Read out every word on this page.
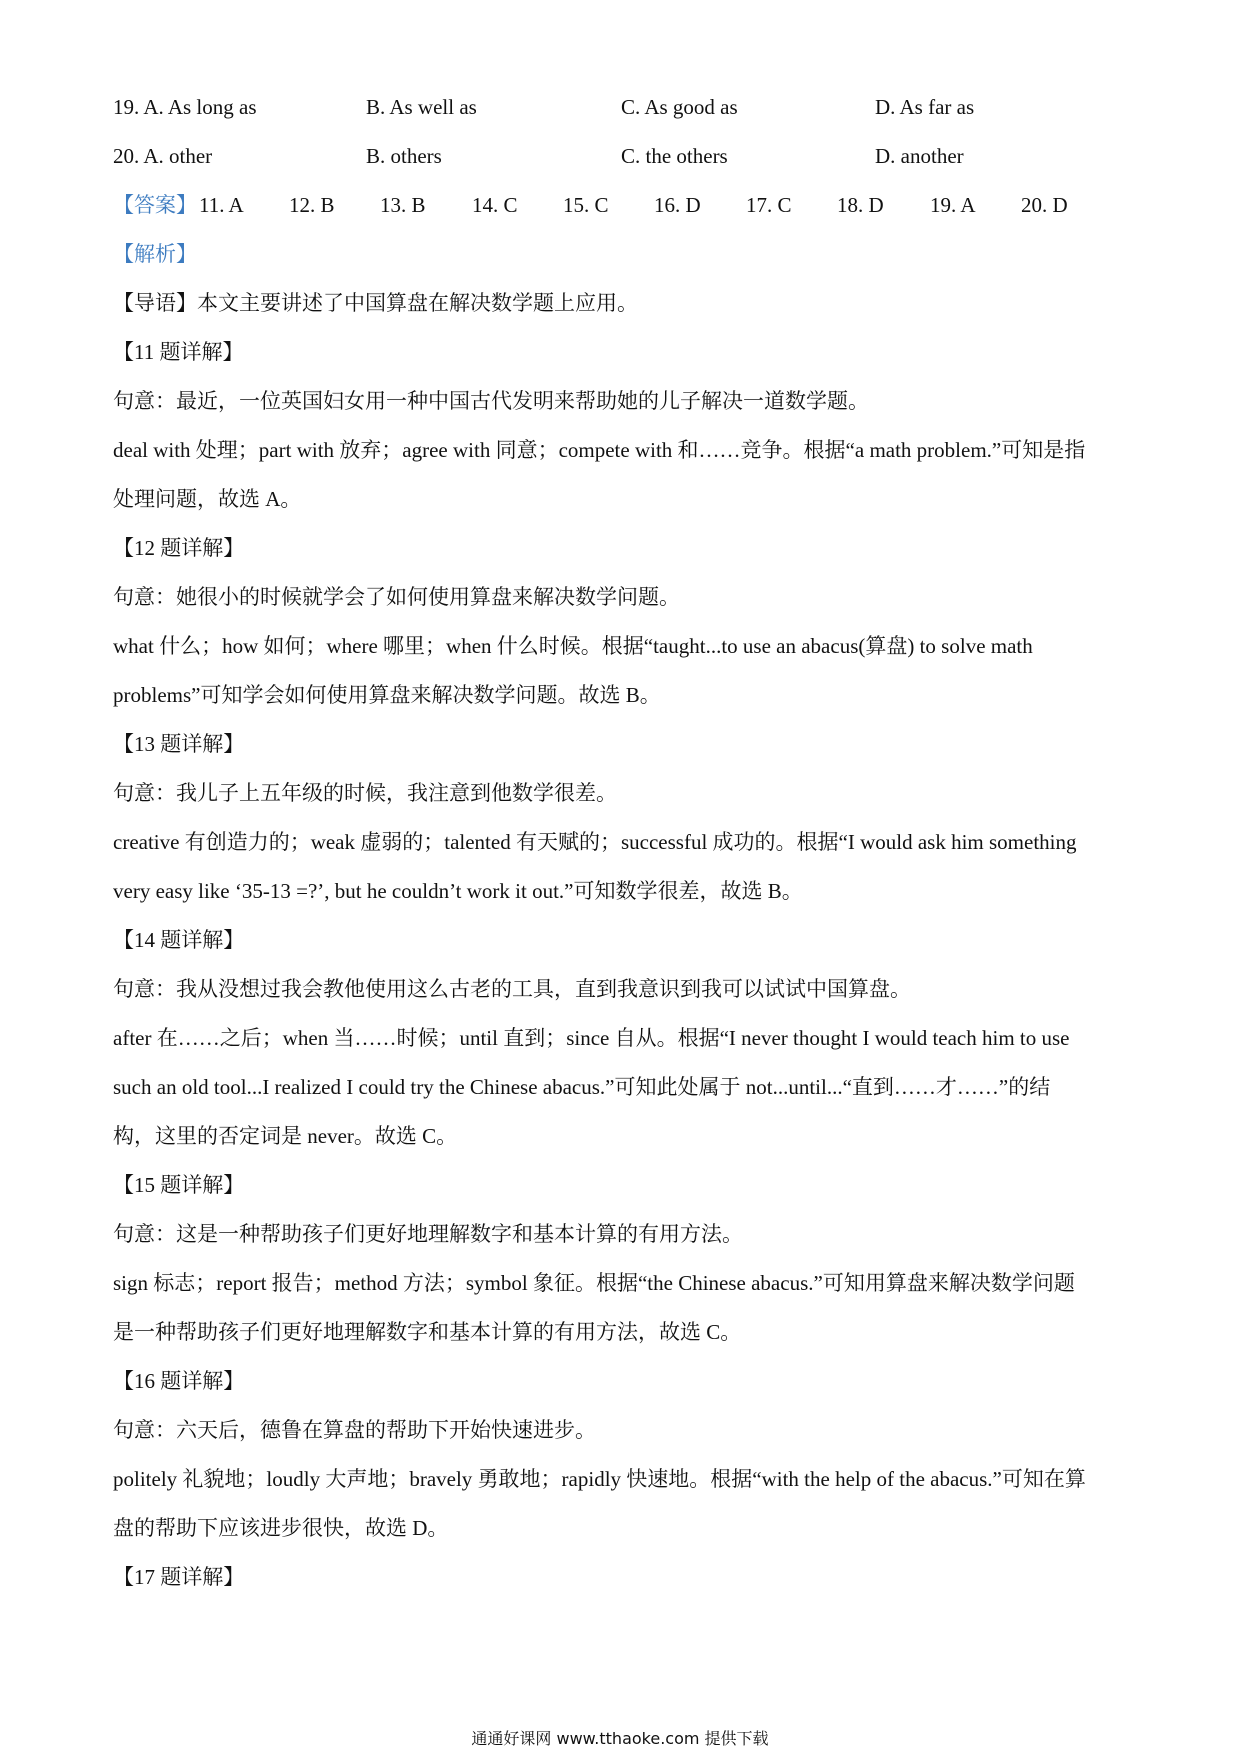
19. A. As long as	B. As well as	C. As good as	D. As far as
20. A. other	B. others	C. the others	D. another
【答案】 11. A 12. B 13. B 14. C 15. C 16. D 17. C 18. D 19. A 20. D
【解析】
【导语】本文主要讲述了中国算盘在解决数学题上应用。
【11 题详解】
句意：最近，一位英国妇女用一种中国古代发明来帮助她的儿子解决一道数学题。
deal with 处理；part with 放弃；agree with 同意；compete with 和……竞争。根据“a math problem.”可知是指
处理问题，故选 A。
【12 题详解】
句意：她很小的时候就学会了如何使用算盘来解决数学问题。
what 什么；how 如何；where 哪里；when 什么时候。根据“taught...to use an abacus(算盘) to solve math
problems”可知学会如何使用算盘来解决数学问题。故选 B。
【13 题详解】
句意：我儿子上五年级的时候，我注意到他数学很差。
creative 有创造力的；weak 虚弱的；talented 有天赋的；successful 成功的。根据“I would ask him something
very easy like ‘35-13 =?’, but he couldn’t work it out.”可知数学很差，故选 B。
【14 题详解】
句意：我从没想过我会教他使用这么古老的工具，直到我意识到我可以试试中国算盘。
after 在……之后；when 当……时候；until 直到；since 自从。根据“I never thought I would teach him to use
such an old tool...I realized I could try the Chinese abacus.”可知此处属于 not...until...“直到……才……”的结
构，这里的否定词是 never。故选 C。
【15 题详解】
句意：这是一种帮助孩子们更好地理解数字和基本计算的有用方法。
sign 标志；report 报告；method 方法；symbol 象征。根据“the Chinese abacus.”可知用算盘来解决数学问题
是一种帮助孩子们更好地理解数字和基本计算的有用方法，故选 C。
【16 题详解】
句意：六天后，德鲁在算盘的帮助下开始快速进步。
politely 礼貌地；loudly 大声地；bravely 勇敢地；rapidly 快速地。根据“with the help of the abacus.”可知在算
盘的帮助下应该进步很快，故选 D。
【17 题详解】
通通好课网 www.tthaoke.com 提供下载
